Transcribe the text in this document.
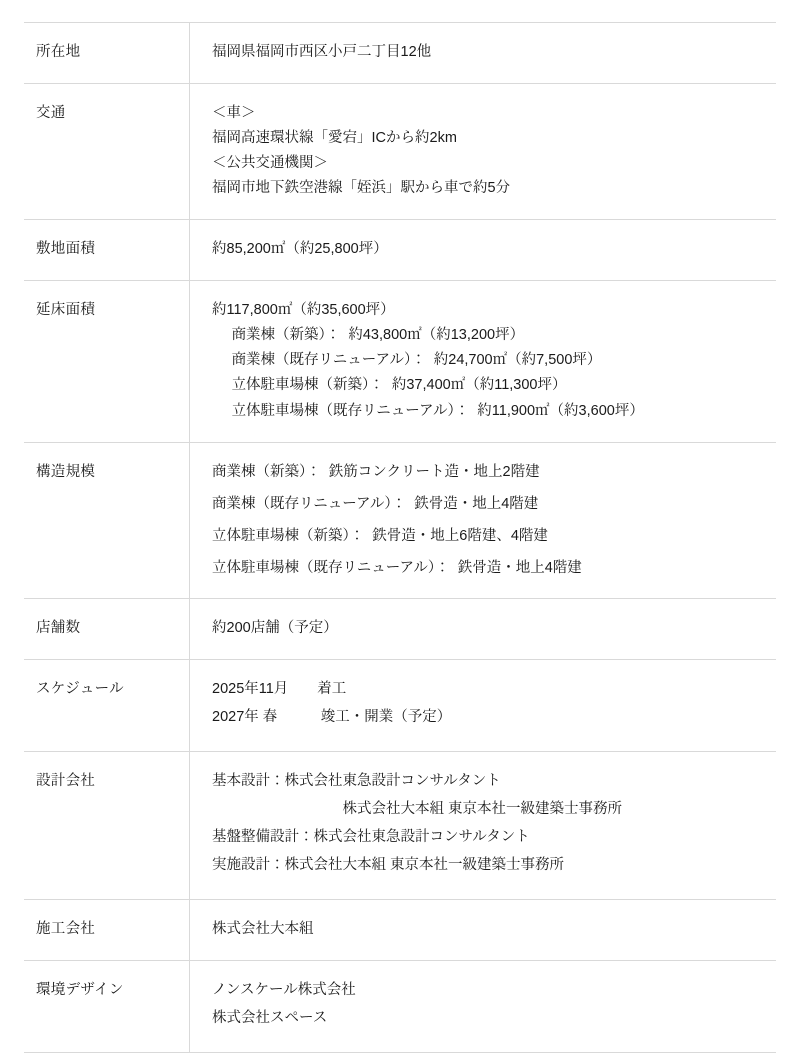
所在地	福岡県福岡市西区小戸二丁目12他

交通	＜車＞
福岡高速環状線「愛宕」ICから約2km
＜公共交通機関＞
福岡市地下鉄空港線「姪浜」駅から車で約5分

敷地面積	約85,200㎡（約25,800坪）

延床面積	約117,800㎡（約35,600坪）
商業棟（新築）：  約43,800㎡（約13,200坪）
商業棟（既存リニューアル）：  約24,700㎡（約7,500坪）
立体駐車場棟（新築）：  約37,400㎡（約11,300坪）
立体駐車場棟（既存リニューアル）：  約11,900㎡（約3,600坪）

構造規模	商業棟（新築）：  鉄筋コンクリート造・地上2階建
商業棟（既存リニューアル）：  鉄骨造・地上4階建
立体駐車場棟（新築）：  鉄骨造・地上6階建、4階建
立体駐車場棟（既存リニューアル）：  鉄骨造・地上4階建

店舗数	約200店舗（予定）

スケジュール	2025年11月　　着工
2027年 春　　　竣工・開業（予定）

設計会社	基本設計：株式会社東急設計コンサルタント
　　　　　　　　　株式会社大本組 東京本社一級建築士事務所
基盤整備設計：株式会社東急設計コンサルタント
実施設計：株式会社大本組 東京本社一級建築士事務所

施工会社	株式会社大本組

環境デザイン	ノンスケール株式会社
株式会社スペース
